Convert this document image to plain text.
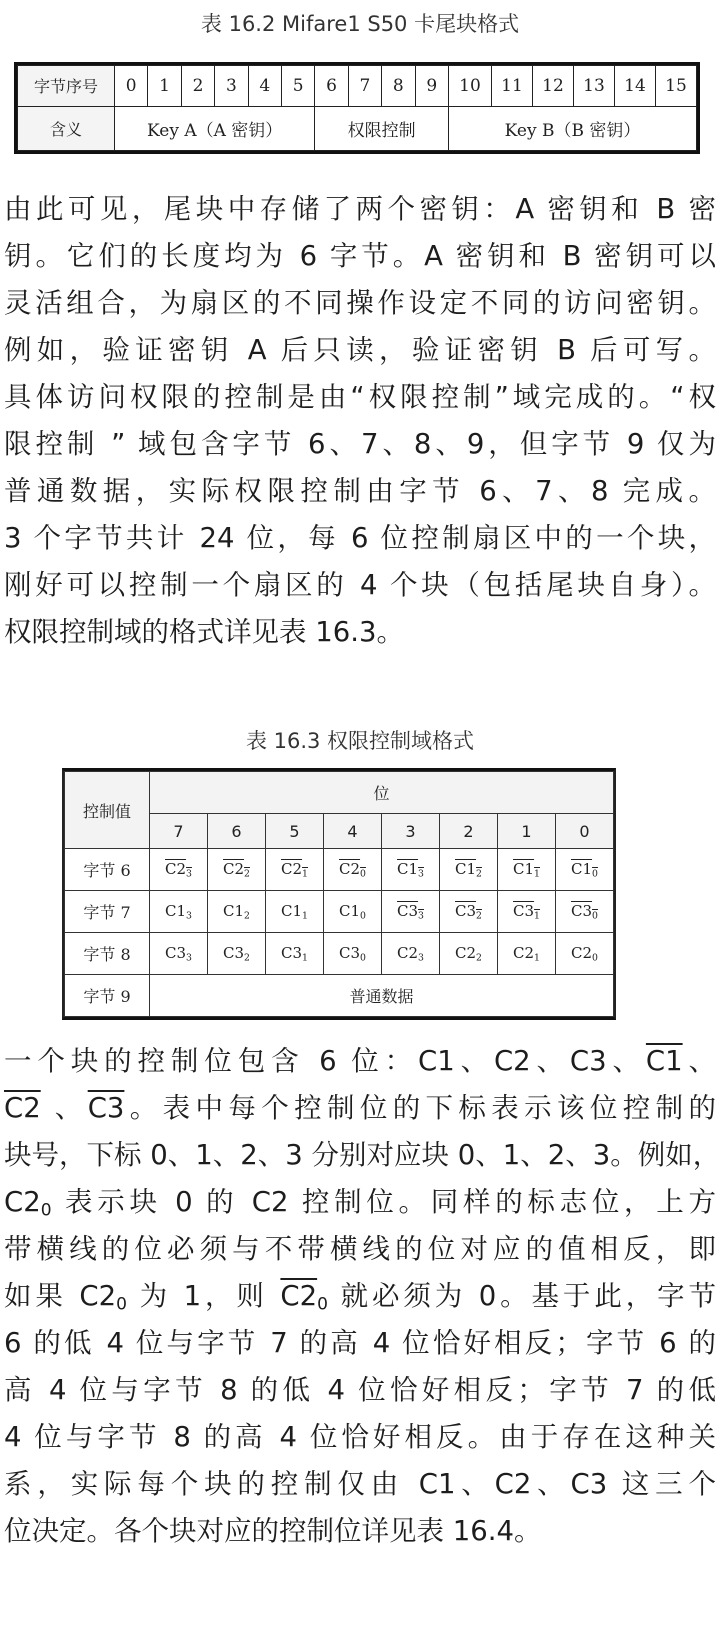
表 16.2 Mifare1 S50 卡尾块格式
字节序号	0	1	2	3	4	5	6	7	8	9	10	11	12	13	14	15
含义	Key A（A 密钥）						权限控制				Key B（B 密钥）					
由此可见，尾块中存储了两个密钥：A 密钥和 B 密
钥。它们的长度均为 6 字节。A 密钥和 B 密钥可以
灵活组合，为扇区的不同操作设定不同的访问密钥。
例如，验证密钥 A 后只读，验证密钥 B 后可写。
具体访问权限的控制是由“权限控制”域完成的。“权
限控制 ” 域包含字节 6、7、8、9，但字节 9 仅为
普通数据，实际权限控制由字节 6、7、8 完成。
3 个字节共计 24 位，每 6 位控制扇区中的一个块，
刚好可以控制一个扇区的 4 个块（包括尾块自身）。
权限控制域的格式详见表 16.3。
表 16.3 权限控制域格式
控制值	位							
	7	6	5	4	3	2	1	0
字节 6	$C2_3$	$C2_2$	$C2_1$	$C2_0$	$C1_3$	$C1_2$	$C1_1$	$C1_0$
字节 7	$C1_3$	$C1_2$	$C1_1$	$C1_0$	$C3_3$	$C3_2$	$C3_1$	$C3_0$
字节 8	$C3_3$	$C3_2$	$C3_1$	$C3_0$	$C2_3$	$C2_2$	$C2_1$	$C2_0$
字节 9	普通数据							
一个块的控制位包含 6 位：C1、C2、C3、C1、
C2 、C3。表中每个控制位的下标表示该位控制的
块号，下标 0、1、2、3 分别对应块 0、1、2、3。例如，
$C2_0$ 表示块 0 的 C2 控制位。同样的标志位，上方
带横线的位必须与不带横线的位对应的值相反，即
如果 $C2_0$ 为 1，则 $C2_0$ 就必须为 0。基于此，字节
6 的低 4 位与字节 7 的高 4 位恰好相反；字节 6 的
高 4 位与字节 8 的低 4 位恰好相反；字节 7 的低
4 位与字节 8 的高 4 位恰好相反。由于存在这种关
系，实际每个块的控制仅由 C1、C2、C3 这三个
位决定。各个块对应的控制位详见表 16.4。
